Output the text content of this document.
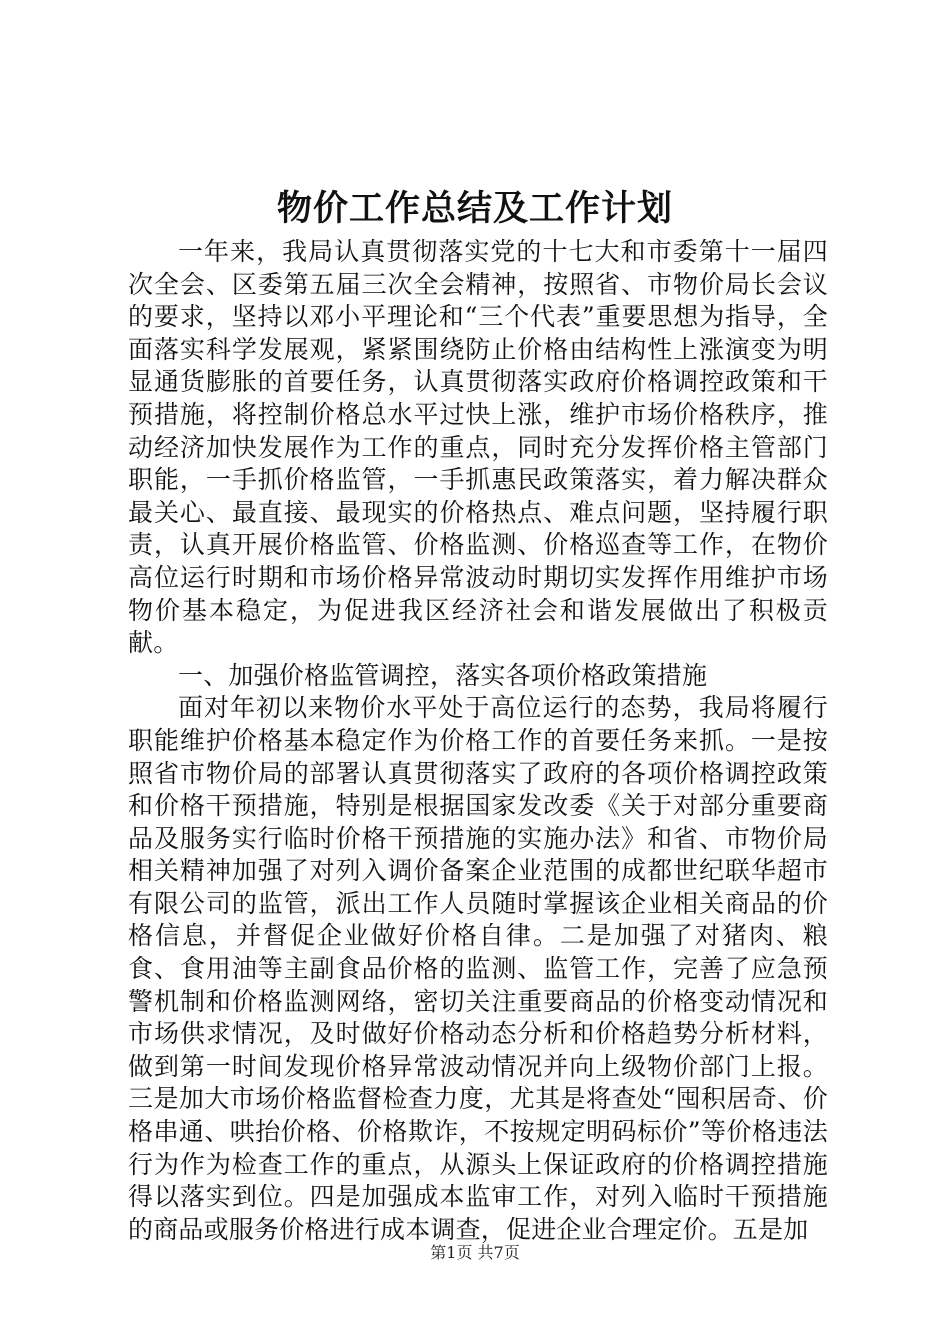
物价工作总结及工作计划

一年来，我局认真贯彻落实党的十七大和市委第十一届四次全会、区委第五届三次全会精神，按照省、市物价局长会议的要求，坚持以邓小平理论和“三个代表”重要思想为指导，全面落实科学发展观，紧紧围绕防止价格由结构性上涨演变为明显通货膨胀的首要任务，认真贯彻落实政府价格调控政策和干预措施，将控制价格总水平过快上涨，维护市场价格秩序，推动经济加快发展作为工作的重点，同时充分发挥价格主管部门职能，一手抓价格监管，一手抓惠民政策落实，着力解决群众最关心、最直接、最现实的价格热点、难点问题，坚持履行职责，认真开展价格监管、价格监测、价格巡查等工作，在物价高位运行时期和市场价格异常波动时期切实发挥作用维护市场物价基本稳定，为促进我区经济社会和谐发展做出了积极贡献。

一、加强价格监管调控，落实各项价格政策措施

面对年初以来物价水平处于高位运行的态势，我局将履行职能维护价格基本稳定作为价格工作的首要任务来抓。一是按照省市物价局的部署认真贯彻落实了政府的各项价格调控政策和价格干预措施，特别是根据国家发改委《关于对部分重要商品及服务实行临时价格干预措施的实施办法》和省、市物价局相关精神加强了对列入调价备案企业范围的成都世纪联华超市有限公司的监管，派出工作人员随时掌握该企业相关商品的价格信息，并督促企业做好价格自律。二是加强了对猪肉、粮食、食用油等主副食品价格的监测、监管工作，完善了应急预警机制和价格监测网络，密切关注重要商品的价格变动情况和市场供求情况，及时做好价格动态分析和价格趋势分析材料，做到第一时间发现价格异常波动情况并向上级物价部门上报。三是加大市场价格监督检查力度，尤其是将查处“囤积居奇、价格串通、哄抬价格、价格欺诈，不按规定明码标价”等价格违法行为作为检查工作的重点，从源头上保证政府的价格调控措施得以落实到位。四是加强成本监审工作，对列入临时干预措施的商品或服务价格进行成本调查，促进企业合理定价。五是加

第1页 共7页
